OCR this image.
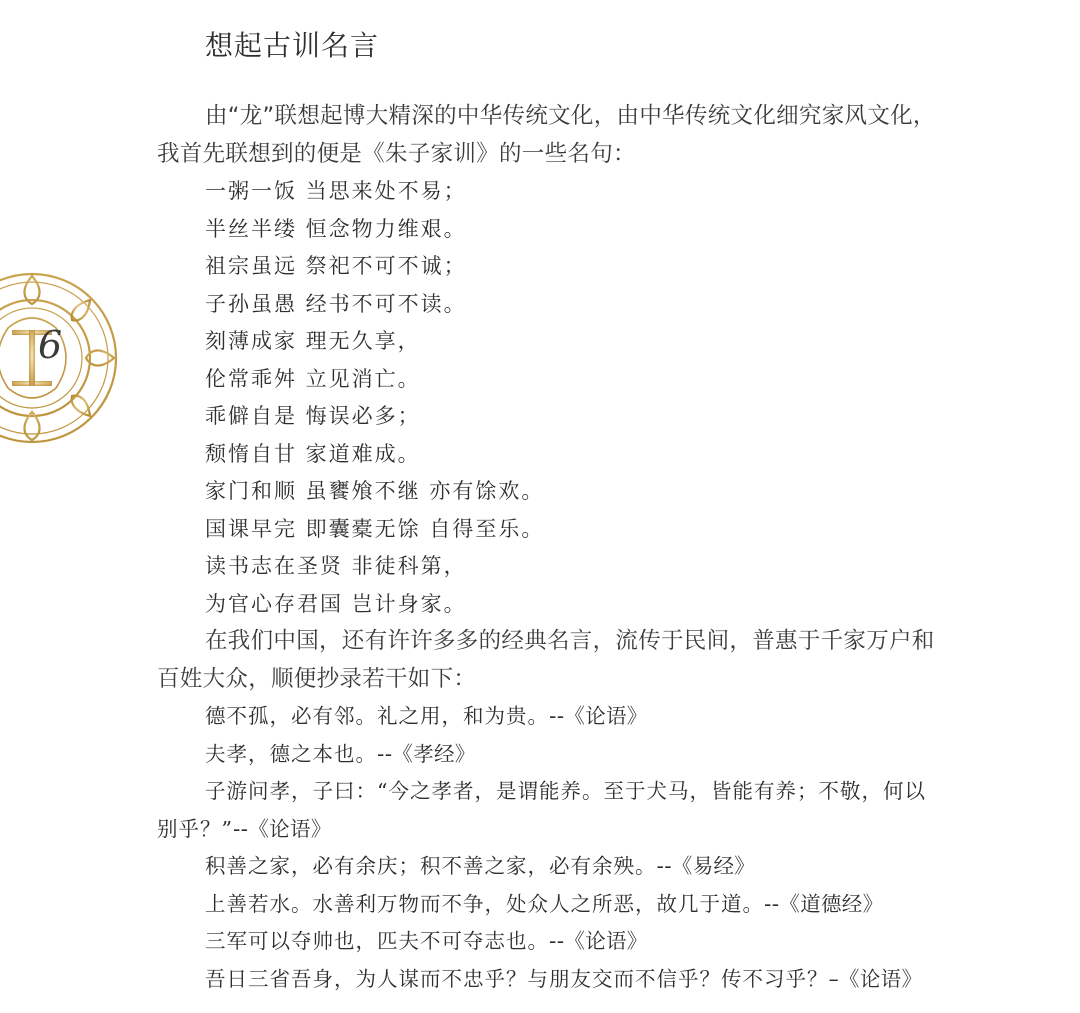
6
想起古训名言

由“龙”联想起博大精深的中华传统文化，由中华传统文化细究家风文化，我首先联想到的便是《朱子家训》的一些名句：

一粥一饭 当思来处不易；
半丝半缕 恒念物力维艰。
祖宗虽远 祭祀不可不诚；
子孙虽愚 经书不可不读。
刻薄成家 理无久享，
伦常乖舛 立见消亡。
乖僻自是 悔误必多；
颓惰自甘 家道难成。
家门和顺 虽饔飧不继 亦有馀欢。
国课早完 即囊橐无馀 自得至乐。
读书志在圣贤 非徒科第，
为官心存君国 岂计身家。

在我们中国，还有许许多多的经典名言，流传于民间，普惠于千家万户和百姓大众，顺便抄录若干如下：

德不孤，必有邻。礼之用，和为贵。--《论语》
夫孝，德之本也。--《孝经》
子游问孝，子曰：“今之孝者，是谓能养。至于犬马，皆能有养；不敬，何以别乎？”--《论语》
积善之家，必有余庆；积不善之家，必有余殃。--《易经》
上善若水。水善利万物而不争，处众人之所恶，故几于道。--《道德经》
三军可以夺帅也，匹夫不可夺志也。--《论语》
吾日三省吾身，为人谋而不忠乎？与朋友交而不信乎？传不习乎？–《论语》
